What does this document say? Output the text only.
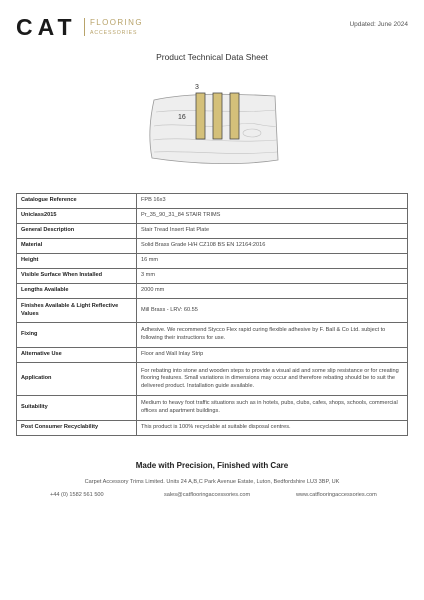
CAT FLOORING
ACCESSORIES
Updated: June 2024
Product Technical Data Sheet
3
16
Catalogue Reference	FPB 16x3
Uniclass2015	Pr_35_90_31_84 STAIR TRIMS
General Description	Stair Tread Insert Flat Plate
Material	Solid Brass Grade H/H CZ108 BS EN 12164:2016
Height	16 mm
Visible Surface When Installed	3 mm
Lengths Available	2000 mm
Finishes Available & Light Reflective Values	Mill Brass - LRV: 60.55
Fixing	Adhesive. We recommend Stycco Flex rapid curing flexible adhesive by F. Ball & Co Ltd. subject to following their instructions for use.
Alternative Use	Floor and Wall Inlay Strip
Application	For rebating into stone and wooden steps to provide a visual aid and some slip resistance or for creating flooring features. Small variations in dimensions may occur and therefore rebating should be to suit the delivered product. Installation guide available.
Suitability	Medium to heavy foot traffic situations such as in hotels, pubs, clubs, cafes, shops, schools, commercial offices and apartment buildings.
Post Consumer Recyclability	This product is 100% recyclable at suitable disposal centres.
Made with Precision, Finished with Care
Carpet Accessory Trims Limited. Units 24 A,B,C Park Avenue Estate, Luton, Bedfordshire LU3 3BP, UK
+44 (0) 1582 561 500	sales@catflooringaccessories.com	www.catflooringaccessories.com
